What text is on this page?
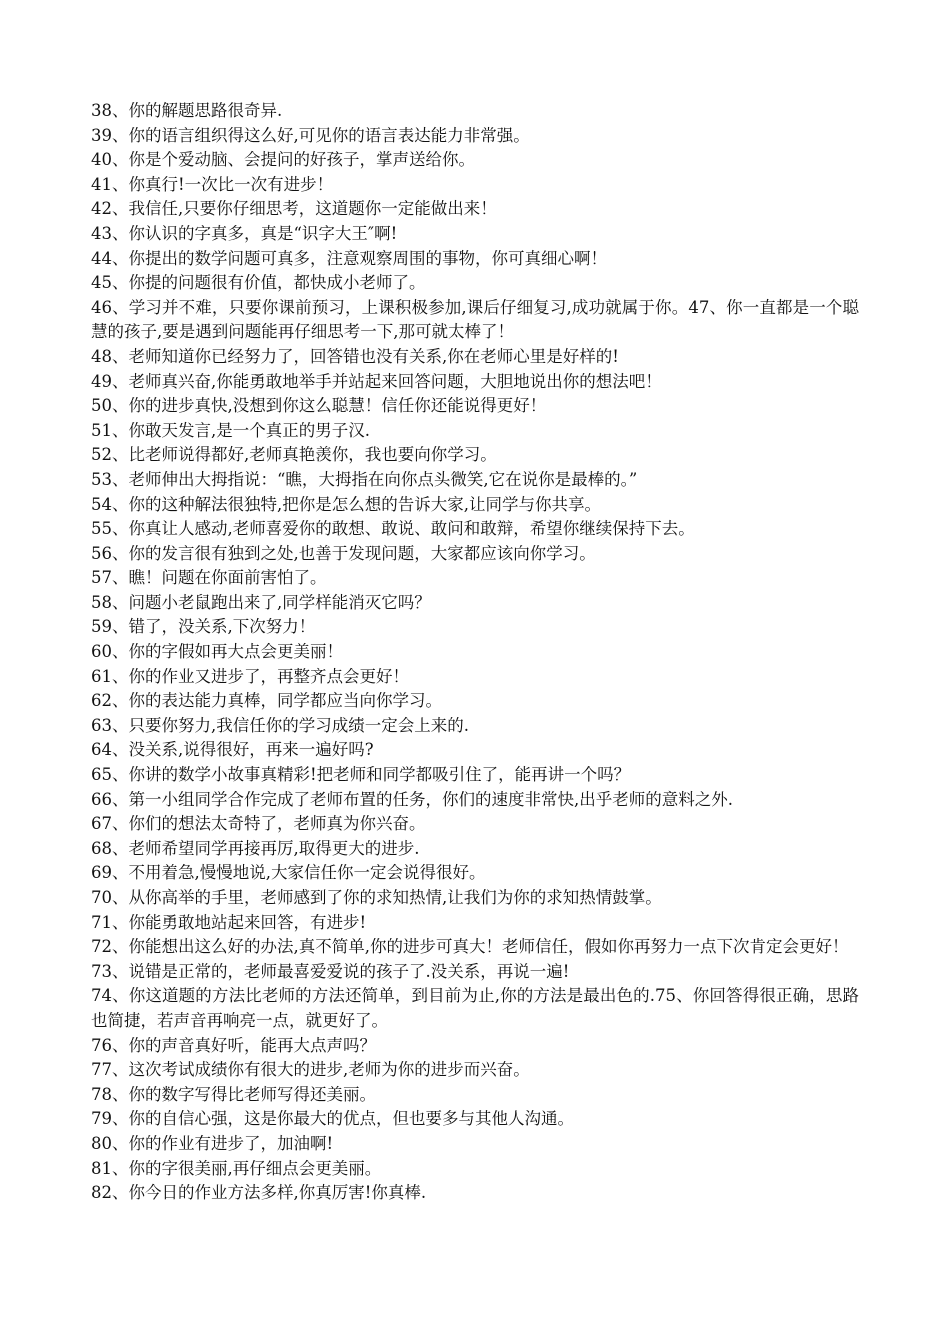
38、你的解题思路很奇异.

39、你的语言组织得这么好,可见你的语言表达能力非常强。

40、你是个爱动脑、会提问的好孩子，掌声送给你。

41、你真行!一次比一次有进步！

42、我信任,只要你仔细思考，这道题你一定能做出来！

43、你认识的字真多，真是“识字大王″啊!

44、你提出的数学问题可真多，注意观察周围的事物，你可真细心啊！

45、你提的问题很有价值，都快成小老师了。

46、学习并不难，只要你课前预习，上课积极参加,课后仔细复习,成功就属于你。47、你一直都是一个聪慧的孩子,要是遇到问题能再仔细思考一下,那可就太棒了！

48、老师知道你已经努力了，回答错也没有关系,你在老师心里是好样的!

49、老师真兴奋,你能勇敢地举手并站起来回答问题，大胆地说出你的想法吧！

50、你的进步真快,没想到你这么聪慧！信任你还能说得更好！

51、你敢天发言,是一个真正的男子汉.

52、比老师说得都好,老师真艳羡你，我也要向你学习。

53、老师伸出大拇指说：“瞧，大拇指在向你点头微笑,它在说你是最棒的。”

54、你的这种解法很独特,把你是怎么想的告诉大家,让同学与你共享。

55、你真让人感动,老师喜爱你的敢想、敢说、敢问和敢辩，希望你继续保持下去。

56、你的发言很有独到之处,也善于发现问题，大家都应该向你学习。

57、瞧！问题在你面前害怕了。

58、问题小老鼠跑出来了,同学样能消灭它吗？

59、错了，没关系,下次努力！

60、你的字假如再大点会更美丽！

61、你的作业又进步了，再整齐点会更好！

62、你的表达能力真棒，同学都应当向你学习。

63、只要你努力,我信任你的学习成绩一定会上来的.

64、没关系,说得很好，再来一遍好吗?

65、你讲的数学小故事真精彩!把老师和同学都吸引住了，能再讲一个吗？

66、第一小组同学合作完成了老师布置的任务，你们的速度非常快,出乎老师的意料之外.

67、你们的想法太奇特了，老师真为你兴奋。

68、老师希望同学再接再厉,取得更大的进步.

69、不用着急,慢慢地说,大家信任你一定会说得很好。

70、从你高举的手里，老师感到了你的求知热情,让我们为你的求知热情鼓掌。

71、你能勇敢地站起来回答，有进步!

72、你能想出这么好的办法,真不简单,你的进步可真大！老师信任，假如你再努力一点下次肯定会更好！

73、说错是正常的，老师最喜爱爱说的孩子了.没关系，再说一遍!

74、你这道题的方法比老师的方法还简单，到目前为止,你的方法是最出色的.75、你回答得很正确，思路也简捷，若声音再响亮一点，就更好了。

76、你的声音真好听，能再大点声吗？

77、这次考试成绩你有很大的进步,老师为你的进步而兴奋。

78、你的数字写得比老师写得还美丽。

79、你的自信心强，这是你最大的优点，但也要多与其他人沟通。

80、你的作业有进步了，加油啊!

81、你的字很美丽,再仔细点会更美丽。

82、你今日的作业方法多样,你真厉害!你真棒.
